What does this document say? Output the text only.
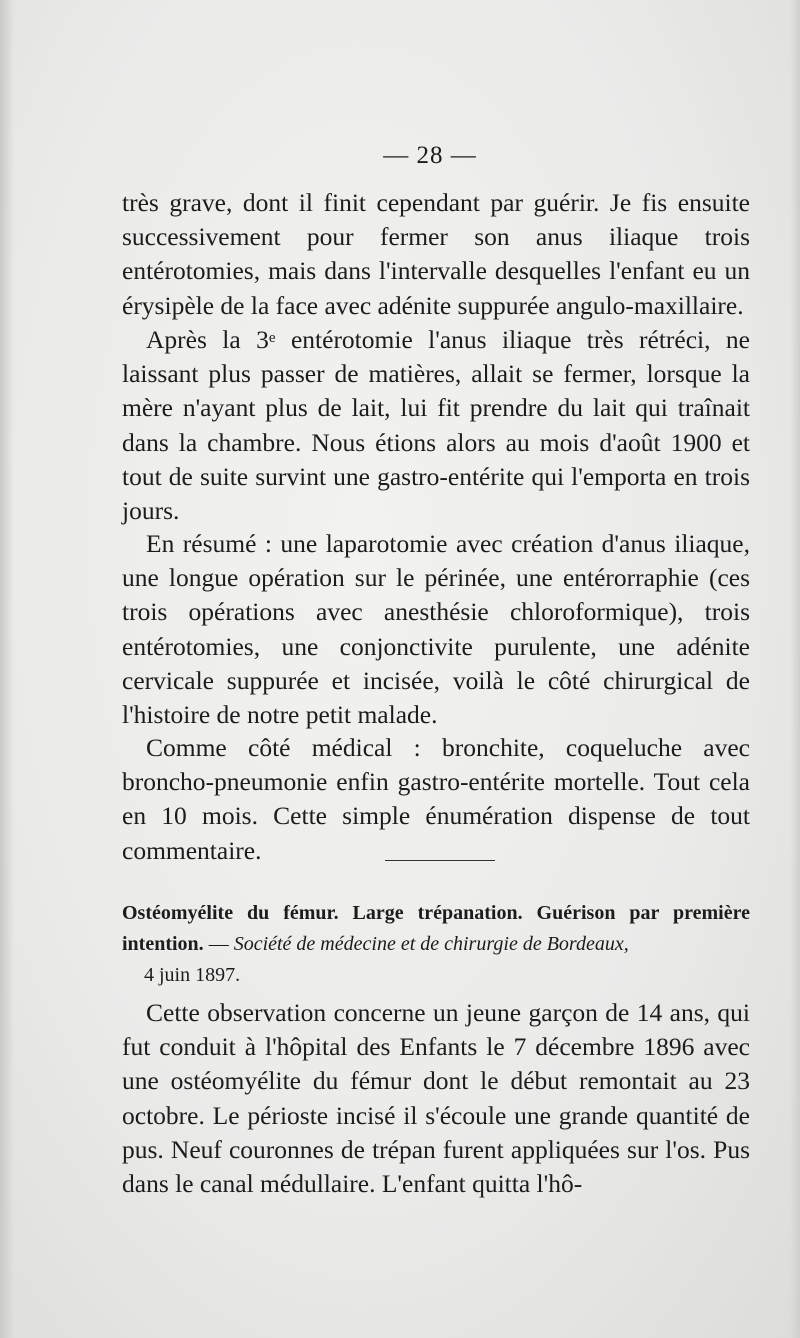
— 28 —

très grave, dont il finit cependant par guérir. Je fis ensuite successivement pour fermer son anus iliaque trois entérotomies, mais dans l'intervalle desquelles l'enfant eu un érysipèle de la face avec adénite suppurée angulo-maxillaire.

Après la 3e entérotomie l'anus iliaque très rétréci, ne laissant plus passer de matières, allait se fermer, lorsque la mère n'ayant plus de lait, lui fit prendre du lait qui traînait dans la chambre. Nous étions alors au mois d'août 1900 et tout de suite survint une gastro-entérite qui l'emporta en trois jours.

En résumé : une laparotomie avec création d'anus iliaque, une longue opération sur le périnée, une entérorraphie (ces trois opérations avec anesthésie chloroformique), trois entérotomies, une conjonctivite purulente, une adénite cervicale suppurée et incisée, voilà le côté chirurgical de l'histoire de notre petit malade.

Comme côté médical : bronchite, coqueluche avec broncho-pneumonie enfin gastro-entérite mortelle. Tout cela en 10 mois. Cette simple énumération dispense de tout commentaire.

Ostéomyélite du fémur. Large trépanation. Guérison par première intention. — Société de médecine et de chirurgie de Bordeaux,
4 juin 1897.

Cette observation concerne un jeune garçon de 14 ans, qui fut conduit à l'hôpital des Enfants le 7 décembre 1896 avec une ostéomyélite du fémur dont le début remontait au 23 octobre. Le périoste incisé il s'écoule une grande quantité de pus. Neuf couronnes de trépan furent appliquées sur l'os. Pus dans le canal médullaire. L'enfant quitta l'hô-
